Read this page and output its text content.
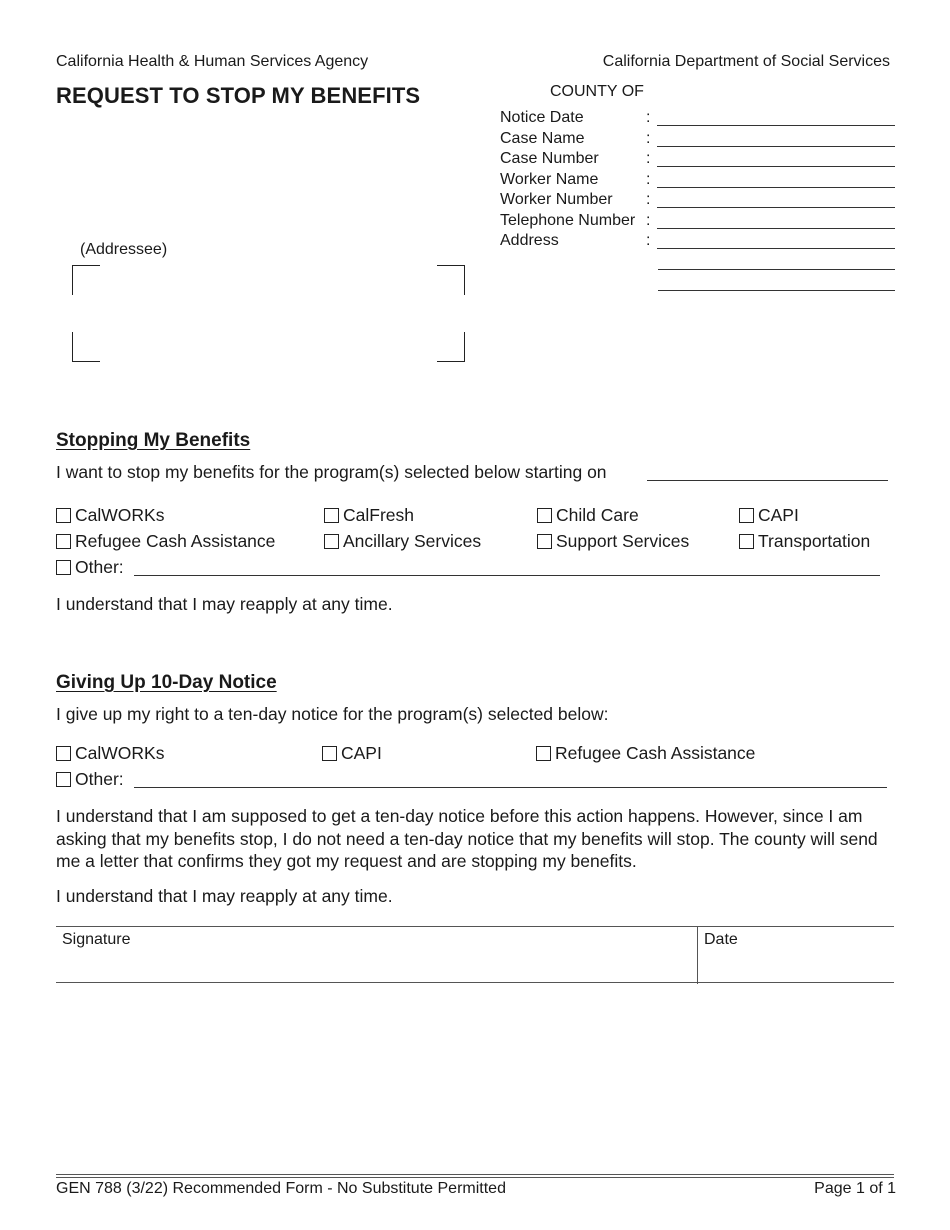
California Health & Human Services Agency	California Department of Social Services
REQUEST TO STOP MY BENEFITS	COUNTY OF
Notice Date	:
Case Name	:
Case Number	:
Worker Name	:
Worker Number :
Telephone Number :
Address	:
(Addressee)
Stopping My Benefits
I want to stop my benefits for the program(s) selected below starting on
CalWORKs	CalFresh	Child Care	CAPI
Refugee Cash Assistance	Ancillary Services	Support Services	Transportation
Other:
I understand that I may reapply at any time.
Giving Up 10-Day Notice
I give up my right to a ten-day notice for the program(s) selected below:
CalWORKs	CAPI	Refugee Cash Assistance
Other:
I understand that I am supposed to get a ten-day notice before this action happens. However, since I am asking that my benefits stop, I do not need a ten-day notice that my benefits will stop. The county will send me a letter that confirms they got my request and are stopping my benefits.
I understand that I may reapply at any time.
Signature	Date
GEN 788 (3/22) Recommended Form - No Substitute Permitted	Page 1 of 1
